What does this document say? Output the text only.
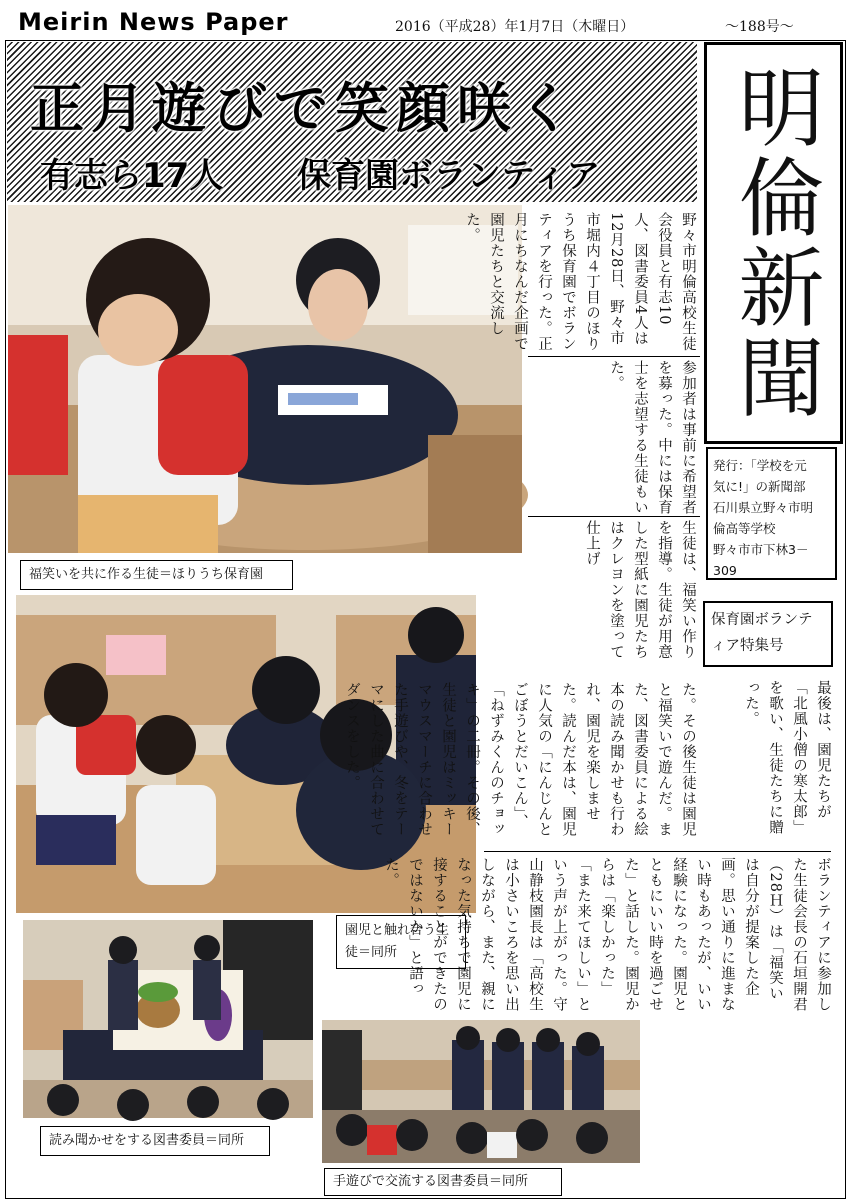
Meirin News Paper	2016（平成28）年1月7日（木曜日）	～188号～
正月遊びで笑顔咲く
有志ら17人 保育園ボランティア 明倫新聞
発行：「学校を元
気に!」の新聞部
石川県立野々市明
倫高等学校
野々市市下林3－
309
保育園ボランティア特集号
福笑いを共に作る生徒＝ほりうち保育園
園児と触れ合う生徒＝同所
読み聞かせをする図書委員＝同所
手遊びで交流する図書委員＝同所
野々市明倫高校生徒会役員と有志10人、図書委員4人は12月28日、野々市市堀内４丁目のほりうち保育園でボランティアを行った。正月にちなんだ企画で園児たちと交流した。
参加者は事前に希望者を募った。中には保育士を志望する生徒もいた。
生徒は、福笑い作りを指導。生徒が用意した型紙に園児たちはクレヨンを塗って仕上げ
た。その後生徒は園児と福笑いで遊んだ。また、図書委員による絵本の読み聞かせも行われ、園児を楽しませた。読んだ本は、園児に人気の「にんじんとごぼうとだいこん」、「ねずみくんのチョッキ」の二冊。その後、生徒と園児はミッキーマウスマーチに合わせた手遊びや、冬をテーマにした曲に合わせてダンスをした。	最後は、園児たちが「北風小僧の寒太郎」を歌い、生徒たちに贈った。
ボランティアに参加した生徒会長の石垣開君（28Ｈ）は「福笑いは自分が提案した企画。思い通りに進まない時もあったが、いい経験になった。園児とともにいい時を過ごせた」と話した。園児からは「楽しかった」「また来てほしい」という声が上がった。守山静枝園長は「高校生は小さいころを思い出しながら、また、親になった気持ちで園児に接することができたのではないか」と語った。
